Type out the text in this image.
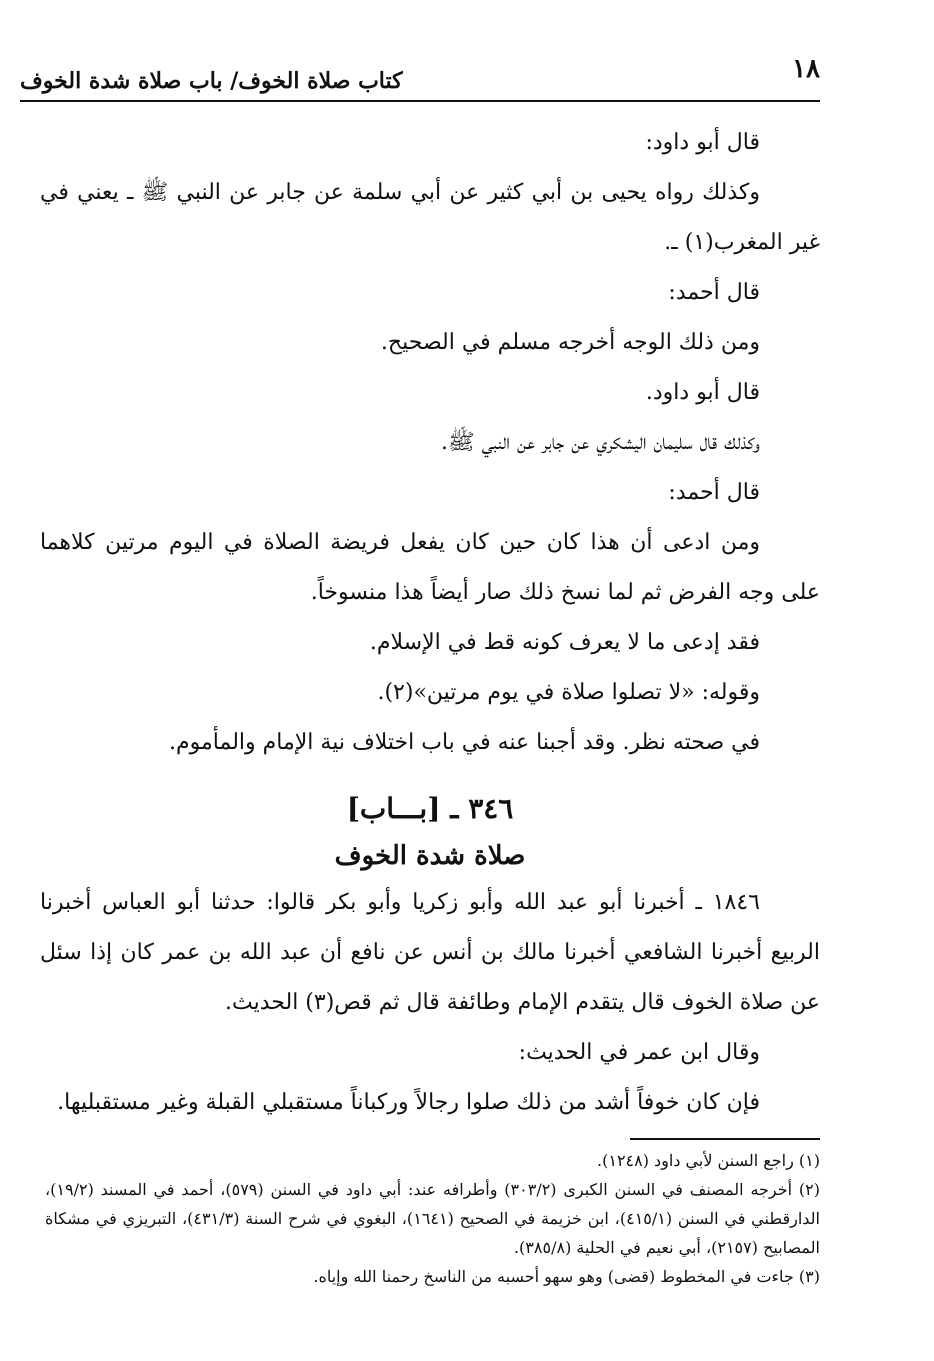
كتاب صلاة الخوف/ باب صلاة شدة الخوف	١٨

قال أبو داود:

وكذلك رواه يحيى بن أبي كثير عن أبي سلمة عن جابر عن النبي ﷺ ـ يعني في غير المغرب(١) ـ.

قال أحمد:

ومن ذلك الوجه أخرجه مسلم في الصحيح.

قال أبو داود.

وكذلك قال سليمان اليشكري عن جابر عن النبي ﷺ.

قال أحمد:

ومن ادعى أن هذا كان حين كان يفعل فريضة الصلاة في اليوم مرتين كلاهما على وجه الفرض ثم لما نسخ ذلك صار أيضاً هذا منسوخاً.

فقد إدعى ما لا يعرف كونه قط في الإسلام.

وقوله: «لا تصلوا صلاة في يوم مرتين»(٢).

في صحته نظر. وقد أجبنا عنه في باب اختلاف نية الإمام والمأموم.

٣٤٦ ـ [بـــاب]
صلاة شدة الخوف

١٨٤٦ ـ أخبرنا أبو عبد الله وأبو زكريا وأبو بكر قالوا: حدثنا أبو العباس أخبرنا الربيع أخبرنا الشافعي أخبرنا مالك بن أنس عن نافع أن عبد الله بن عمر كان إذا سئل عن صلاة الخوف قال يتقدم الإمام وطائفة قال ثم قص(٣) الحديث.

وقال ابن عمر في الحديث:

فإن كان خوفاً أشد من ذلك صلوا رجالاً وركباناً مستقبلي القبلة وغير مستقبليها.

(١) راجع السنن لأبي داود (١٢٤٨).

(٢) أخرجه المصنف في السنن الكبرى (٣٠٣/٢) وأطرافه عند: أبي داود في السنن (٥٧٩)، أحمد في المسند (١٩/٢)، الدارقطني في السنن (٤١٥/١)، ابن خزيمة في الصحيح (١٦٤١)، البغوي في شرح السنة (٤٣١/٣)، التبريزي في مشكاة المصابيح (٢١٥٧)، أبي نعيم في الحلية (٣٨٥/٨).

(٣) جاءت في المخطوط (قضى) وهو سهو أحسبه من الناسخ رحمنا الله وإياه.
